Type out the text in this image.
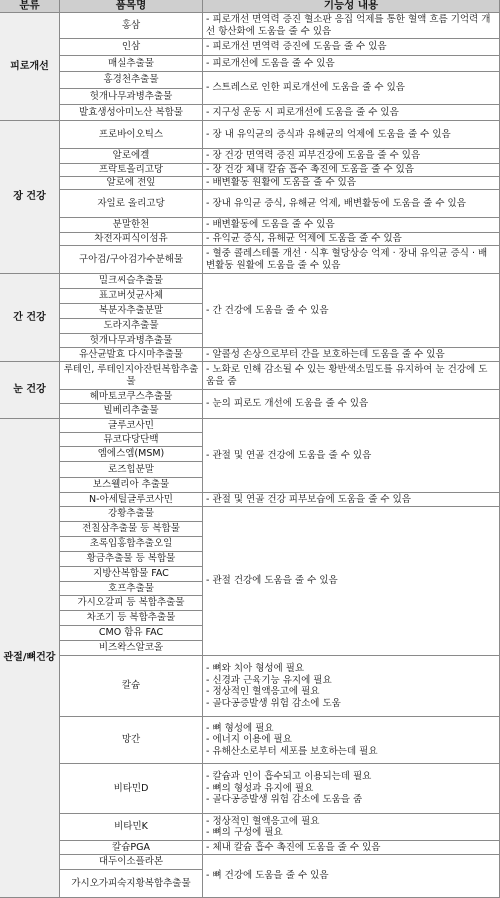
분류	품목명	기능성 내용
피로개선
홍삼
인삼
매실추출물
홍경천추출물
헛개나무과병추출물
발효생성아미노산 복합물
- 피로개선 면역력 증진 혈소판 응집 억제를 통한 혈액 흐름 기억력 개선 항산화에 도움을 줄 수 있음
- 피로개선 면역력 증진에 도움을 줄 수 있음
- 피로개선에 도움을 줄 수 있음
- 스트레스로 인한 피로개선에 도움을 줄 수 있음
- 지구성 운동 시 피로개선에 도움을 줄 수 있음
장 건강
프로바이오틱스
알로에겔
프락토올리고당
알로에 전잎
자일로 올리고당
분말한천
차전자피식이섬유
구아검/구아검가수분해물
- 장 내 유익균의 증식과 유해균의 억제에 도움을 줄 수 있음
- 장 건강 면역력 증진 피부건강에 도움을 줄 수 있음
- 장 건강 체내 칼슘 흡수 촉진에 도움을 줄 수 있음
- 배변활동 원활에 도움을 줄 수 있음
- 장내 유익균 증식, 유해균 억제, 배변활동에 도움을 줄 수 있음
- 배변활동에 도움을 줄 수 있음
- 유익균 증식, 유해균 억제에 도움을 줄 수 있음
- 혈중 콜레스테롤 개선 · 식후 혈당상승 억제 · 장내 유익균 증식 · 배변활동 원활에 도움을 줄 수 있음
간 건강
밀크씨슬추출물
표고버섯균사체
복분자추출분말
도라지추출물
헛개나무과병추출물
유산균발효 다시마추출물
- 간 건강에 도움을 줄 수 있음
- 알콜성 손상으로부터 간을 보호하는데 도움을 줄 수 있음
눈 건강
루테인, 루테인지아잔틴복합추출물
헤마토코쿠스추출물
빌베리추출물
- 노화로 인해 감소될 수 있는 황반색소밀도를 유지하여 눈 건강에 도움을 줌
- 눈의 피로도 개선에 도움을 줄 수 있음
관절/뼈건강
글루코사민
뮤코다당단백
엠에스엠(MSM)
로즈힙분말
보스웰리아 추출물
N-아세틸글루코사민
강황추출물
전칠삼추출물 등 복합물
초록입홍합추출오일
황금추출물 등 복합물
지방산복합물 FAC
호프추출물
가시오갈피 등 복합추출물
차조기 등 복합추출물
CMO 함유 FAC
비즈왁스알코올
칼슘
망간
비타민D
비타민K
칼슘PGA
대두이소플라본
가시오가피숙지황복합추출물
- 관절 및 연골 건강에 도움을 줄 수 있음
- 관절 및 연골 건강 피부보습에 도움을 줄 수 있음
- 관절 건강에 도움을 줄 수 있음
- 뼈와 치아 형성에 필요
- 신경과 근육기능 유지에 필요
- 정상적인 혈액응고에 필요
- 골다공증발생 위험 감소에 도움
- 뼈 형성에 필요
- 에너지 이용에 필요
- 유해산소로부터 세포를 보호하는데 필요
- 칼슘과 인이 흡수되고 이용되는데 필요
- 뼈의 형성과 유지에 필요
- 골다공증발생 위험 감소에 도움을 줌
- 정상적인 혈액응고에 필요
- 뼈의 구성에 필요
- 체내 칼슘 흡수 촉진에 도움을 줄 수 있음
- 뼈 건강에 도움을 줄 수 있음
